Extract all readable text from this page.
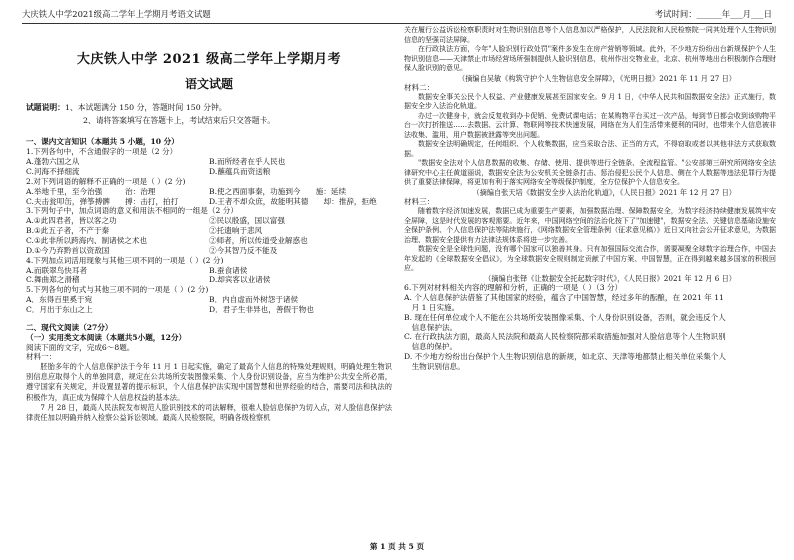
大庆铁人中学2021级高二学年上学期月考语文试题	考试时间：______年___月___日
大庆铁人中学 2021 级高二学年上学期月考
语文试题
试题说明：1、本试题满分 150 分，答题时间 150 分钟。
2、请将答案填写在答题卡上，考试结束后只交答题卡。
一、课内文言知识（本题共 5 小题，10 分）
1.下列各句中，不含通假字的一项是（2 分）
A.蓬勃六国之从	B.而所经者在乎人民也
C.河海不择细流	D.蘸蕴兵而资送粮
2.对下列词语的解释不正确的一项是（ ）(2 分)
A.举地千里，至今治强　　　治：治理	B.使之西面事秦，功施到今　　施：延续
C.夫击瓮叩缶，弹筝搏髀　　搏：击打，拍打	D.王者不却众庶，故能明其德　　却：推辞，拒绝
3.下列句子中，加点词语的意义和用法不相同的一组是（2 分）
A.①此四君者，皆以客之功	②民以殷盛，国以富强
B.①此五子者，不产于秦	②托遗响于悲风
C.①此非所以跨海内、制诸侯之术也	②师者，所以传道受业解惑也
D.①今乃弃黔首以资敌国	②今其智乃反不能及
4.下列加点词活用现象与其他三项不同的一项是（ ）(2 分)
A.而联翠鸟快耳者	B.蚕食诸侯
C.舞曲郑之滑稽	D.却宾客以业诸侯
5.下列各句的句式与其他三项不同的一项是（ ）(2 分)
A．东得百里奚于宛	B．内自虚而外树怨于诸侯
C．月出于东山之上	D．君子生非异也，善假于物也
二、现代文阅读（27分）
（一）实用类文本阅读（本题共5小题，12分）
阅读下面的文字，完成6～8题。
材料一：
胚胎多年的个人信息保护法于今年 11 月 1 日起实施，确定了最高个人信息的特殊处理规则，明确处理生物识别信息应取得个人的单独同意，规定在公共场所安装图像采集、个人身份识别设备，应当为维护公共安全所必需，遵守国家有关规定，并设置显著的提示标识，个人信息保护法实现中国智慧和世界经验的结合，需要司法和执法的积极作为，真正成为保障个人信息权益的基本法。
7 月 28 日，最高人民法院发布规范人脸识别技术的司法解释，很难人脸信息保护为切入点，对人脸信息保护法律责任加以明确并纳入检察公益诉讼领域。最高人民检察院，明确各级检察机
关在履行公益诉讼检察职责时对生物识别信息等个人信息加以严格保护，人民法院和人民检察院一同其处理个人生物识别信息的坚强司法屏障。
在行政执法方面，今年"人脸识别行政处罚"案件多发生在房产营销等领域。此外，不少地方纷纷出台新规保护个人生物识别信息——天津禁止市场经营场所强制提供人脸识别信息，杭州作出交物业业，北京、杭州等地出台积极制作合理财保人脸识别的意见。
（摘编自吴敏《构筑守护个人生物信息安全屏障》，《光明日报》2021 年 11 月 27 日）
材料二：
数据安全事关公民个人权益、产业健康发展甚至国家安全。9 月 1 日，《中华人民共和国数据安全法》正式施行，数据安全步入法治化轨道。
办过一次健身卡，就会反复收到办卡促销、免费试课电话；在某购物平台买过一次产品，每到节日都会收到该购物平台一次打折推送……去数据、云计算、物联网等技术快速发展，网络在为人们生活带来便利的同时，也带来个人信息被非法收集、滥用，用户数据被泄露等突出问题。
数据安全法明确规定，任何组织、个人收集数据，应当采取合法、正当的方式，不得窃取或者以其他非法方式获取数据。
"数据安全法对个人信息数据的收集、存储、使用、提供等进行全链条、全流程监管。"公安部第三研究所网络安全法律研究中心主任黄道丽说，数据安全法为公安机关全链条打击、惩治侵犯公民个人信息、侧在个人数据等违法犯罪行为提供了重要法律保障，将更加有利于落实网络安全等级保护制度，全方位保护个人信息安全。
（摘编自张天培《数据安全步入法治化轨道》，《人民日报》2021 年 12 月 27 日）
材料三：
随着数字经济加速发展，数据已成为重要生产要素，加强数据治理、保障数据安全，为数字经济持续健康发展筑牢安全屏障，这是时代发展的客观需要。近年来，中国网络空间的法治化按下了"加速键"，数据安全法、关键信息基础设施安全保护条例、个人信息保护法等陆续施行，《网络数据安全管理条例（征求意见稿）》近日又向社会公开征求意见，为数据治理、数据安全提供有力法律法规体系将进一步完善。
数据安全是全球性问题，没有哪个国家可以独善其身。只有加强国际交流合作，需要凝聚全球数字治理合作，中国去年发起的《全球数据安全倡议》，为全球数据安全规则制定贡献了中国方案、中国智慧，正在得到越来越多国家的积极回应。
（摘编自张铎《让数据安全托起数字时代》，《人民日报》2021 年 12 月 6 日）
6.下列对材料相关内容的理解和分析，正确的一项是（ ）（3 分）
A. 个人信息保护法借鉴了其他国家的经验，蕴含了中国智慧，经过多年的酝酿，在 2021 年 11
月 1 日实施。
B. 现在任何单位或个人不能在公共场所安装图像采集、个人身份识别设备，否则，就会违反个人
信息保护法。
C. 在行政执法方面，最高人民法院和最高人民检察院都采取措施加强对人脸信息等个人生物识别
信息的保护。
D. 不少地方纷纷出台保护个人生物识别信息的新规，如北京、天津等地都禁止相关单位采集个人
生物识别信息。
第 1 页 共 5 页
